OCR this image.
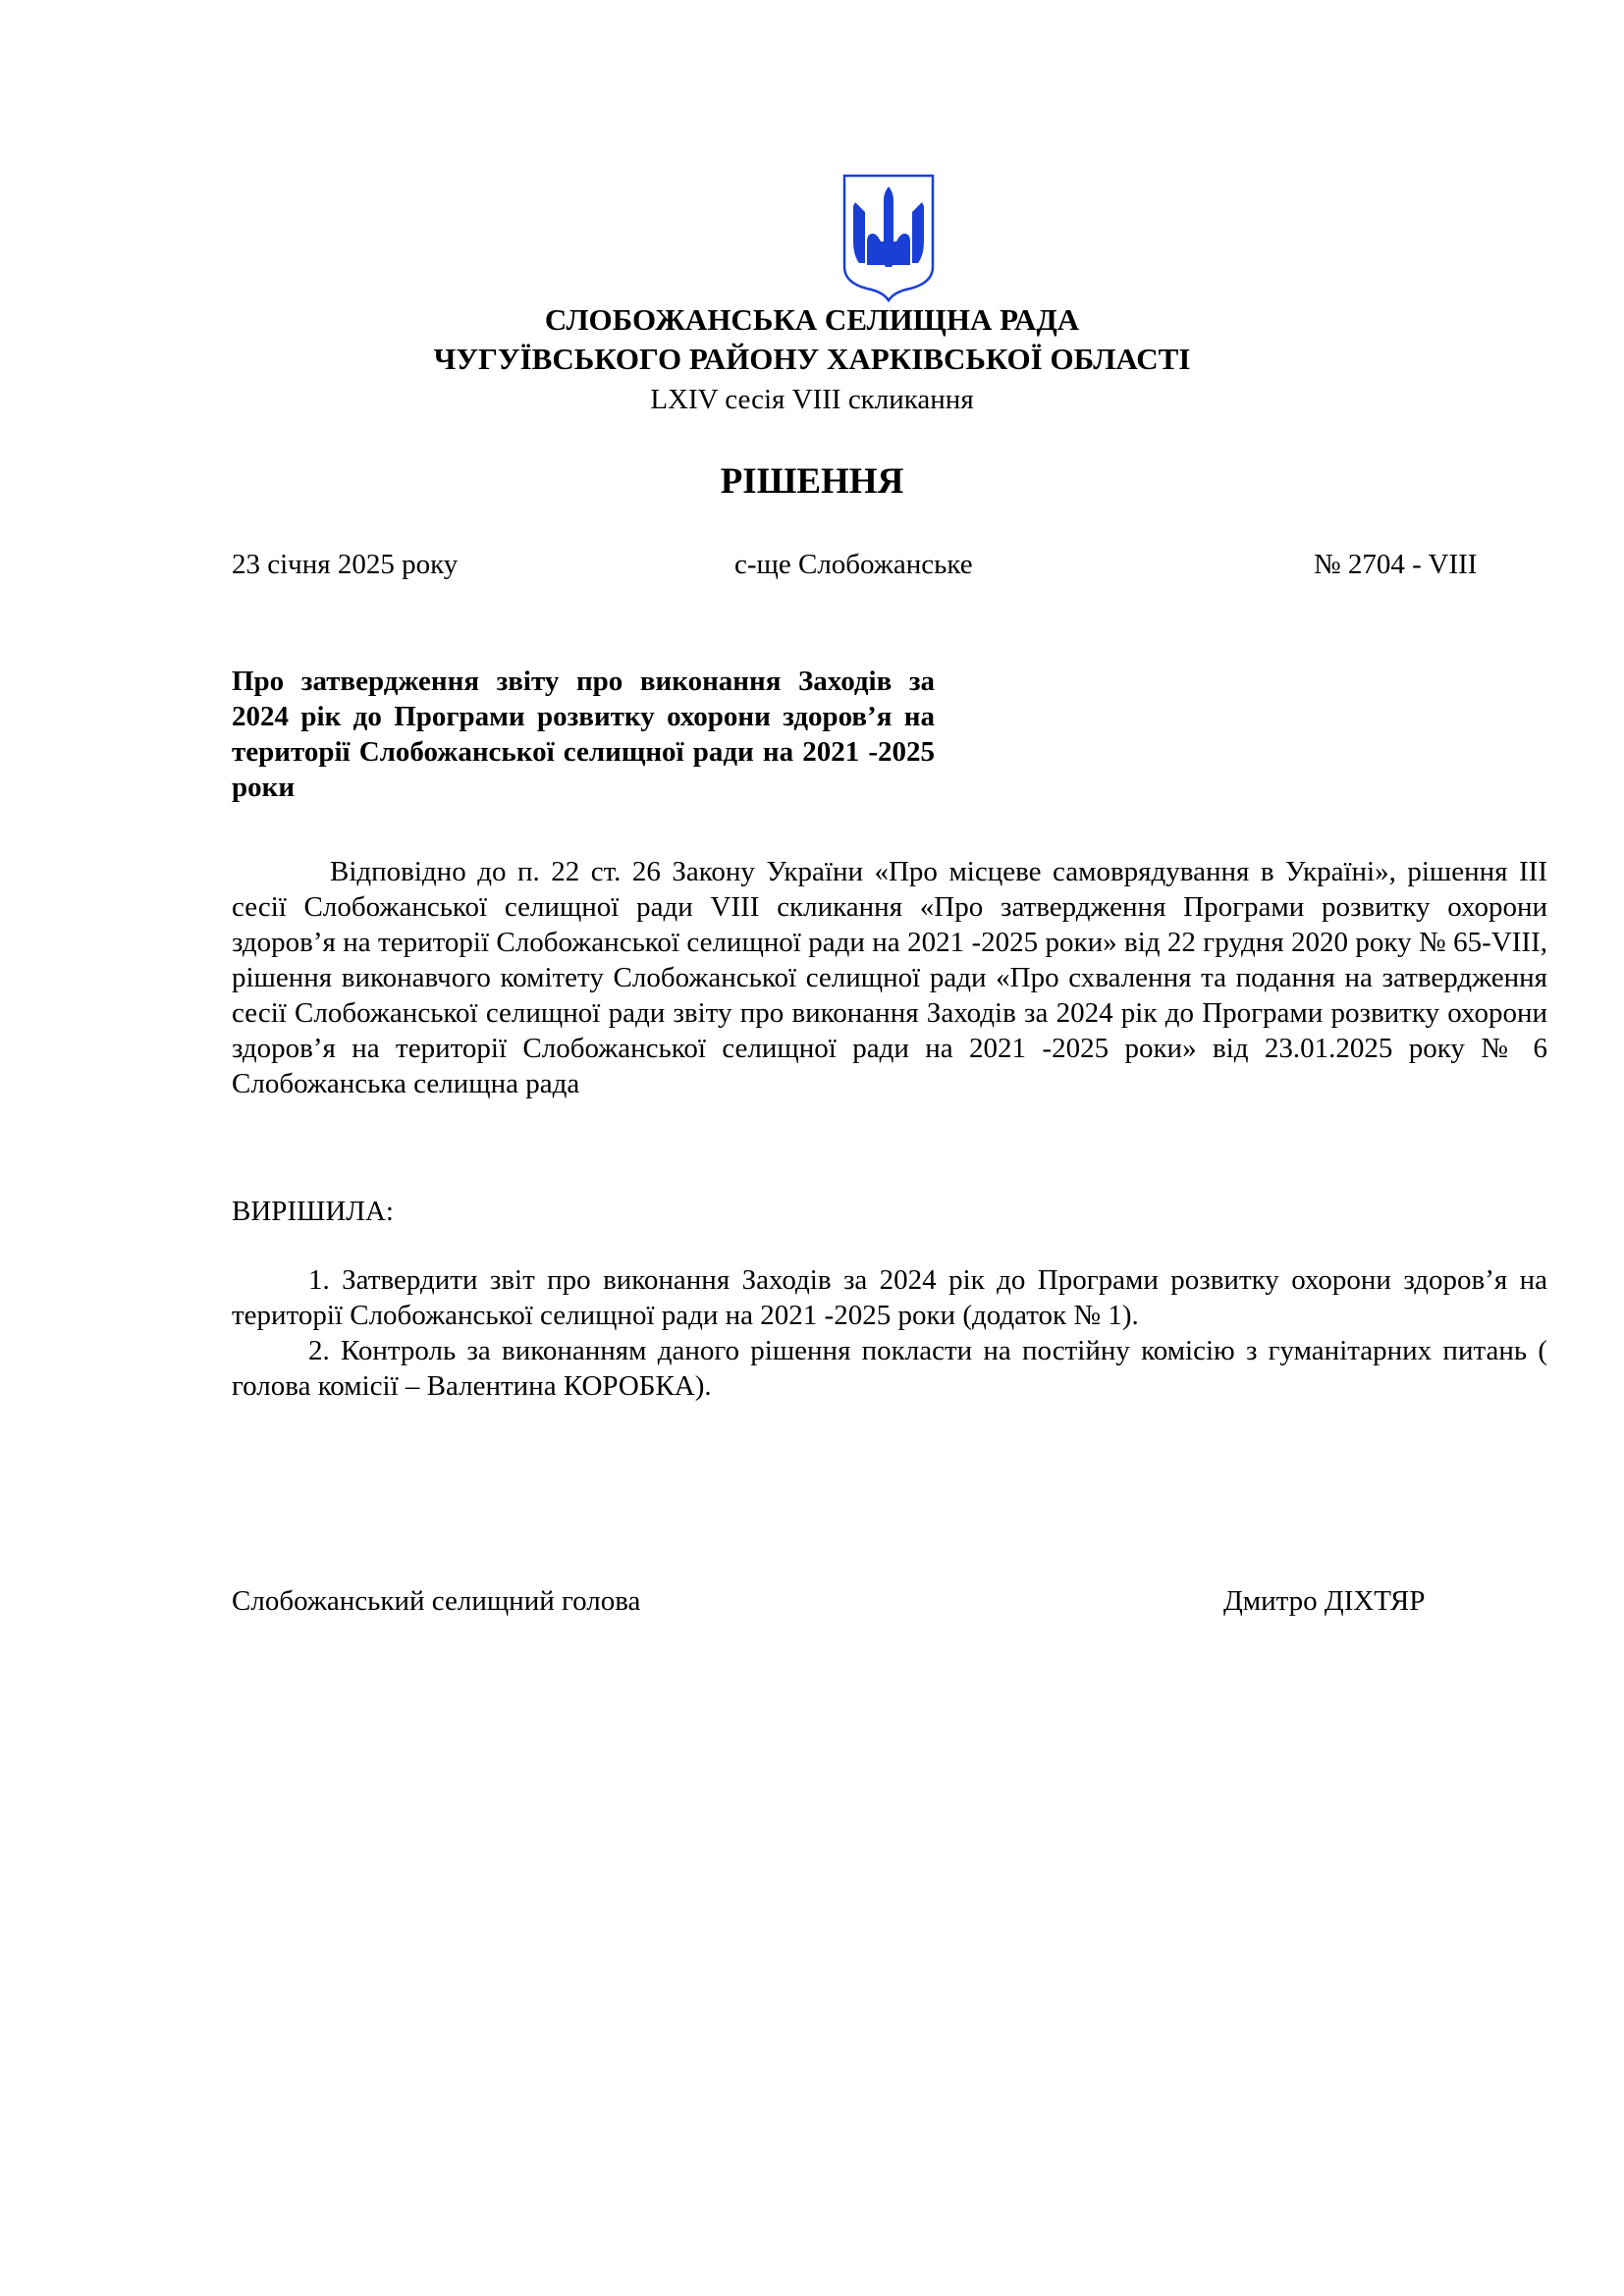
СЛОБОЖАНСЬКА СЕЛИЩНА РАДА
ЧУГУЇВСЬКОГО РАЙОНУ ХАРКІВСЬКОЇ ОБЛАСТІ
LXIV сесія VIII скликання
РІШЕННЯ
23 січня 2025 року	с-ще Слобожанське	№ 2704 - VIII
Про затвердження звіту про виконання Заходів за 2024 рік до Програми розвитку охорони здоров’я на території Слобожанської селищної ради на 2021 -2025 роки
Відповідно до п. 22 ст. 26 Закону України «Про місцеве самоврядування в Україні», рішення ІІІ сесії Слобожанської селищної ради VIII скликання «Про затвердження Програми розвитку охорони здоров’я на території Слобожанської селищної ради на 2021 -2025 роки» від 22 грудня 2020 року № 65-VIII, рішення виконавчого комітету Слобожанської селищної ради «Про схвалення та подання на затвердження сесії Слобожанської селищної ради звіту про виконання Заходів за 2024 рік до Програми розвитку охорони здоров’я на території Слобожанської селищної ради на 2021 -2025 роки» від 23.01.2025 року № 6 Слобожанська селищна рада
ВИРІШИЛА:

1. Затвердити звіт про виконання Заходів за 2024 рік до Програми розвитку охорони здоров’я на території Слобожанської селищної ради на 2021 -2025 роки (додаток № 1).

2. Контроль за виконанням даного рішення покласти на постійну комісію з гуманітарних питань ( голова комісії – Валентина КОРОБКА).

Слобожанський селищний голова	Дмитро ДІХТЯР
